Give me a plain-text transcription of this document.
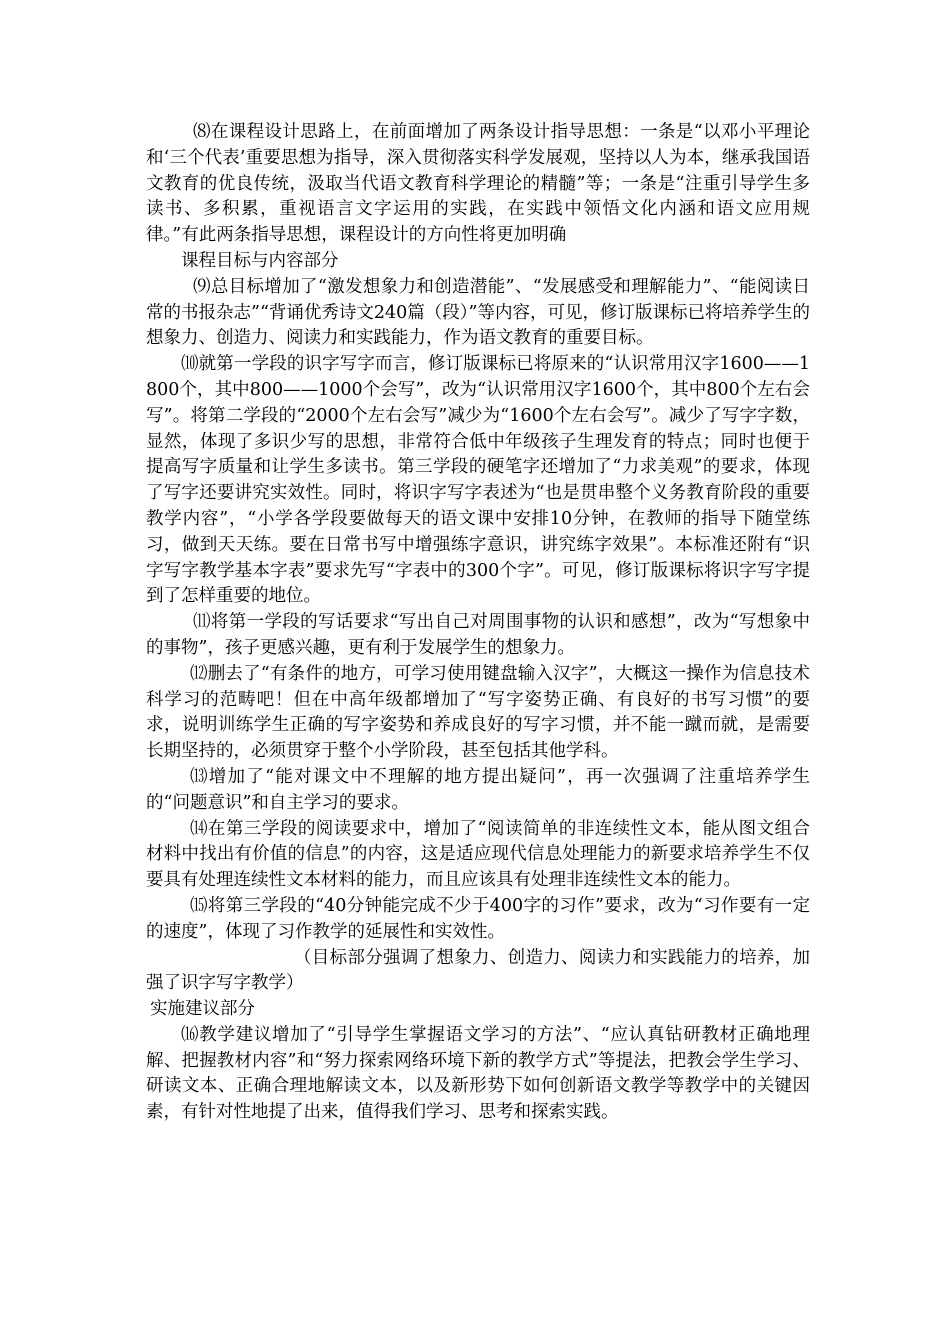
⑻在课程设计思路上，在前面增加了两条设计指导思想：一条是“以邓小平理论和‘三个代表’重要思想为指导，深入贯彻落实科学发展观，坚持以人为本，继承我国语文教育的优良传统，汲取当代语文教育科学理论的精髓”等；一条是“注重引导学生多读书、多积累，重视语言文字运用的实践，在实践中领悟文化内涵和语文应用规律。”有此两条指导思想，课程设计的方向性将更加明确

课程目标与内容部分

⑼总目标增加了“激发想象力和创造潜能”、“发展感受和理解能力”、“能阅读日常的书报杂志”“背诵优秀诗文240篇（段）”等内容，可见，修订版课标已将培养学生的想象力、创造力、阅读力和实践能力，作为语文教育的重要目标。

⑽就第一学段的识字写字而言，修订版课标已将原来的“认识常用汉字1600——1800个，其中800——1000个会写”，改为“认识常用汉字1600个，其中800个左右会写”。将第二学段的“2000个左右会写”减少为“1600个左右会写”。减少了写字字数，显然，体现了多识少写的思想，非常符合低中年级孩子生理发育的特点；同时也便于提高写字质量和让学生多读书。第三学段的硬笔字还增加了“力求美观”的要求，体现了写字还要讲究实效性。同时，将识字写字表述为“也是贯串整个义务教育阶段的重要教学内容”，“小学各学段要做每天的语文课中安排10分钟，在教师的指导下随堂练习，做到天天练。要在日常书写中增强练字意识，讲究练字效果”。本标准还附有“识字写字教学基本字表”要求先写“字表中的300个字”。可见，修订版课标将识字写字提到了怎样重要的地位。

⑾将第一学段的写话要求“写出自己对周围事物的认识和感想”，改为“写想象中的事物”，孩子更感兴趣，更有利于发展学生的想象力。

⑿删去了“有条件的地方，可学习使用键盘输入汉字”，大概这一操作为信息技术科学习的范畴吧！但在中高年级都增加了“写字姿势正确、有良好的书写习惯”的要求，说明训练学生正确的写字姿势和养成良好的写字习惯，并不能一蹴而就，是需要长期坚持的，必须贯穿于整个小学阶段，甚至包括其他学科。

⒀增加了“能对课文中不理解的地方提出疑问”，再一次强调了注重培养学生的“问题意识”和自主学习的要求。

⒁在第三学段的阅读要求中，增加了“阅读简单的非连续性文本，能从图文组合材料中找出有价值的信息”的内容，这是适应现代信息处理能力的新要求培养学生不仅要具有处理连续性文本材料的能力，而且应该具有处理非连续性文本的能力。

⒂将第三学段的“40分钟能完成不少于400字的习作”要求，改为“习作要有一定的速度”，体现了习作教学的延展性和实效性。

（目标部分强调了想象力、创造力、阅读力和实践能力的培养，加强了识字写字教学）

实施建议部分

⒃教学建议增加了“引导学生掌握语文学习的方法”、“应认真钻研教材正确地理解、把握教材内容”和“努力探索网络环境下新的教学方式”等提法，把教会学生学习、研读文本、正确合理地解读文本，以及新形势下如何创新语文教学等教学中的关键因素，有针对性地提了出来，值得我们学习、思考和探索实践。
